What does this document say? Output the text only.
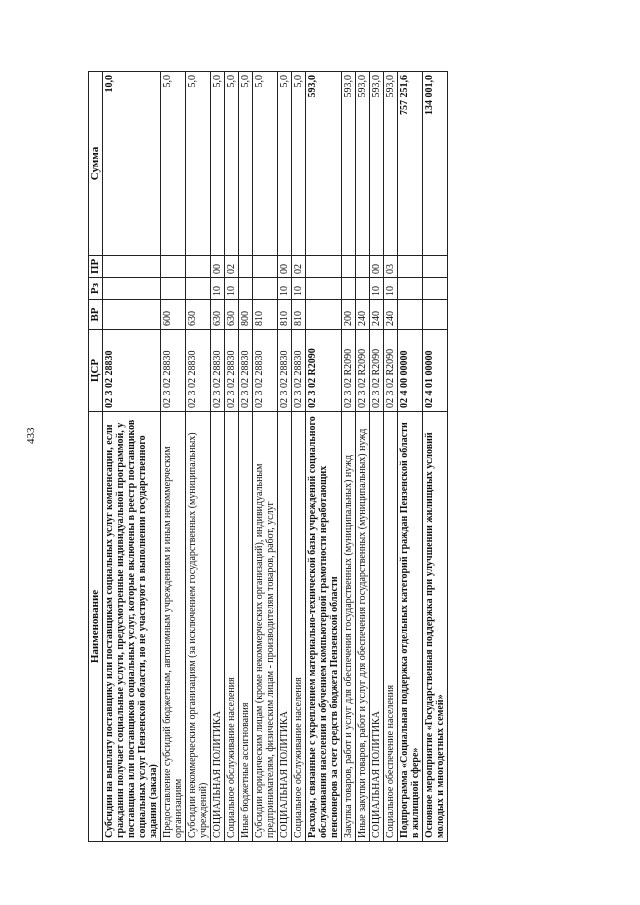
433
Наименование	ЦСР	ВР	Рз	ПР	Сумма
Субсидии на выплату поставщику или поставщикам социальных услуг компенсации, если гражданин получает социальные услуги, предусмотренные индивидуальной программой, у поставщика или поставщиков социальных услуг, которые включены в реестр поставщиков социальных услуг Пензенской области, но не участвуют в выполнении государственного задания (заказа)	02 3 02 28830				10,0
Предоставление субсидий бюджетным, автономным учреждениям и иным некоммерческим организациям	02 3 02 28830	600			5,0
Субсидии некоммерческим организациям (за исключением государственных (муниципальных) учреждений)	02 3 02 28830	630			5,0
СОЦИАЛЬНАЯ ПОЛИТИКА	02 3 02 28830	630	10	00	5,0
Социальное обслуживание населения	02 3 02 28830	630	10	02	5,0
Иные бюджетные ассигнования	02 3 02 28830	800			5,0
Субсидии юридическим лицам (кроме некоммерческих организаций), индивидуальным предпринимателям, физическим лицам - производителям товаров, работ, услуг	02 3 02 28830	810			5,0
СОЦИАЛЬНАЯ ПОЛИТИКА	02 3 02 28830	810	10	00	5,0
Социальное обслуживание населения	02 3 02 28830	810	10	02	5,0
Расходы, связанные с укреплением материально-технической базы учреждений социального обслуживания населения и обучением компьютерной грамотности неработающих пенсионеров за счет средств бюджета Пензенской области	02 3 02 R2090				593,0
Закупка товаров, работ и услуг для обеспечения государственных (муниципальных) нужд	02 3 02 R2090	200			593,0
Иные закупки товаров, работ и услуг для обеспечения государственных (муниципальных) нужд	02 3 02 R2090	240			593,0
СОЦИАЛЬНАЯ ПОЛИТИКА	02 3 02 R2090	240	10	00	593,0
Социальное обеспечение населения	02 3 02 R2090	240	10	03	593,0
Подпрограмма «Социальная поддержка отдельных категорий граждан Пензенской области в жилищной сфере»	02 4 00 00000				757 251,6
Основное мероприятие «Государственная поддержка при улучшении жилищных условий молодых и многодетных семей»	02 4 01 00000				134 001,0
